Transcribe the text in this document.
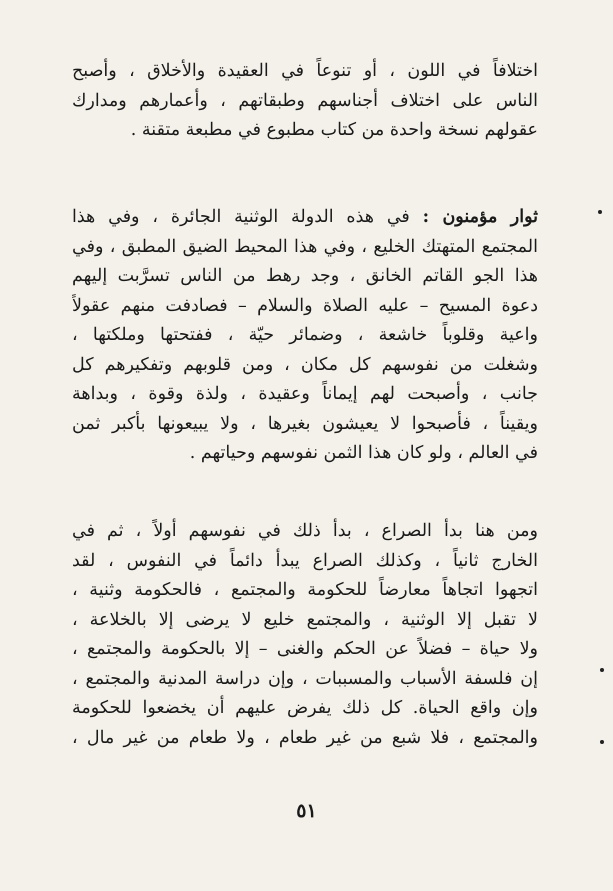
اختلافاً في اللون ، أو تنوعاً في العقيدة والأخلاق ، وأصبح
الناس على اختلاف أجناسهم وطبقاتهم ، وأعمارهم ومدارك
عقولهم نسخة واحدة من كتاب مطبوع في مطبعة متقنة .
ثوار مؤمنون : في هذه الدولة الوثنية الجائرة ، وفي هذا
المجتمع المتهتك الخليع ، وفي هذا المحيط الضيق المطبق ، وفي
هذا الجو القاتم الخانق ، وجد رهط من الناس تسرَّبت إليهم
دعوة المسيح – عليه الصلاة والسلام – فصادفت منهم عقولاً
واعية وقلوباً خاشعة ، وضمائر حيّة ، ففتحتها وملكتها ،
وشغلت من نفوسهم كل مكان ، ومن قلوبهم وتفكيرهم كل
جانب ، وأصبحت لهم إيماناً وعقيدة ، ولذة وقوة ، وبداهة
ويقيناً ، فأصبحوا لا يعيشون بغيرها ، ولا يبيعونها بأكبر ثمن
في العالم ، ولو كان هذا الثمن نفوسهم وحياتهم .
ومن هنا بدأ الصراع ، بدأ ذلك في نفوسهم أولاً ، ثم في
الخارج ثانياً ، وكذلك الصراع يبدأ دائماً في النفوس ، لقد
اتجهوا اتجاهاً معارضاً للحكومة والمجتمع ، فالحكومة وثنية ،
لا تقبل إلا الوثنية ، والمجتمع خليع لا يرضى إلا بالخلاعة ،
ولا حياة – فضلاً عن الحكم والغنى – إلا بالحكومة والمجتمع ،
إن فلسفة الأسباب والمسببات ، وإن دراسة المدنية والمجتمع ،
وإن واقع الحياة. كل ذلك يفرض عليهم أن يخضعوا للحكومة
والمجتمع ، فلا شبع من غير طعام ، ولا طعام من غير مال ،
٥١
